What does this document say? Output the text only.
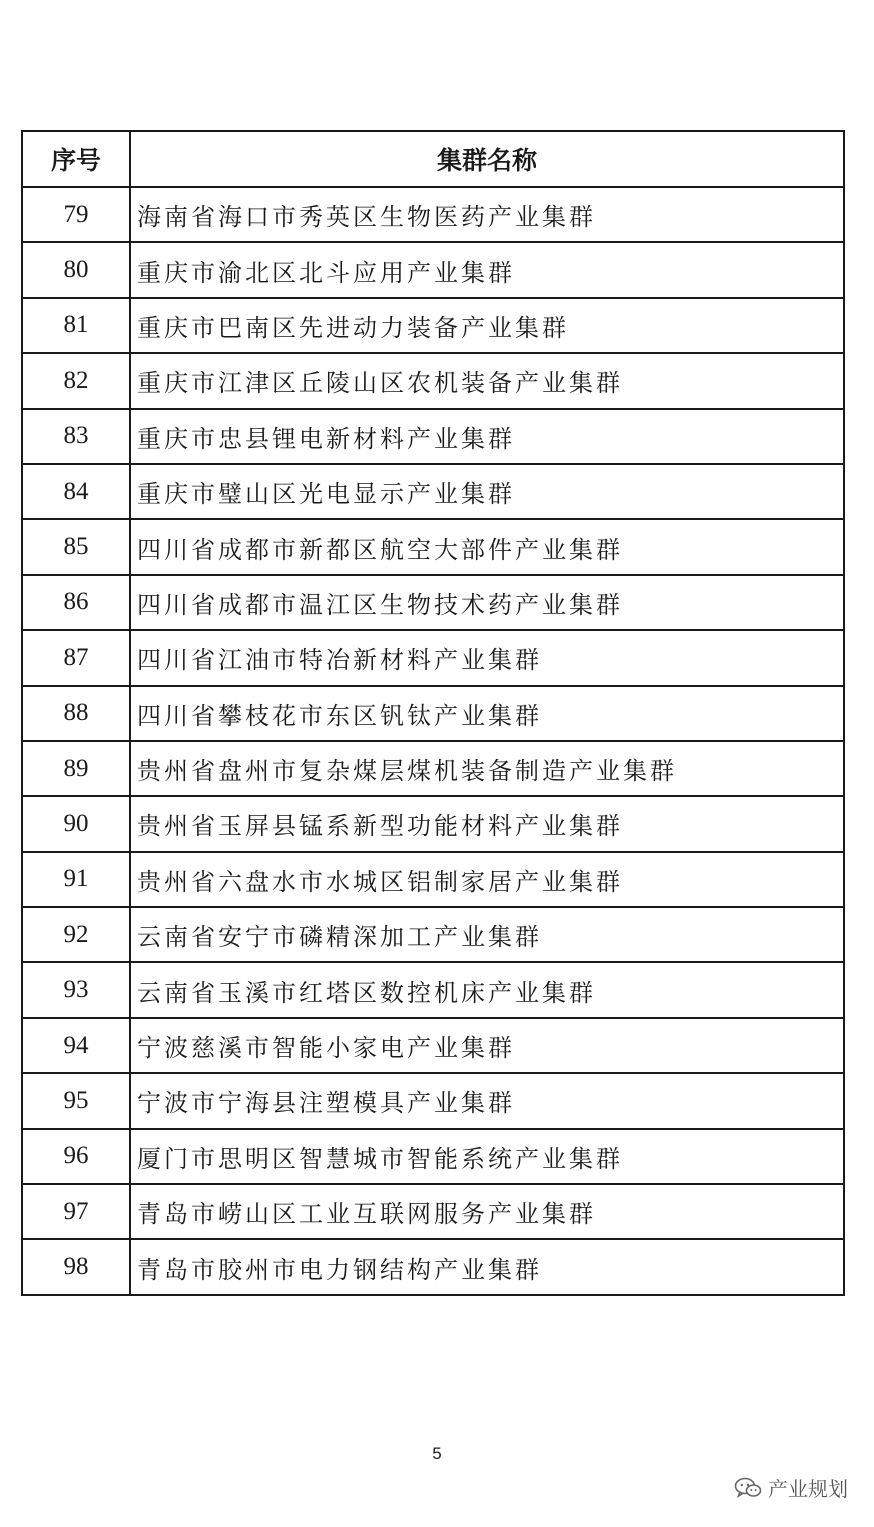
序号	集群名称
79	海南省海口市秀英区生物医药产业集群
80	重庆市渝北区北斗应用产业集群
81	重庆市巴南区先进动力装备产业集群
82	重庆市江津区丘陵山区农机装备产业集群
83	重庆市忠县锂电新材料产业集群
84	重庆市璧山区光电显示产业集群
85	四川省成都市新都区航空大部件产业集群
86	四川省成都市温江区生物技术药产业集群
87	四川省江油市特冶新材料产业集群
88	四川省攀枝花市东区钒钛产业集群
89	贵州省盘州市复杂煤层煤机装备制造产业集群
90	贵州省玉屏县锰系新型功能材料产业集群
91	贵州省六盘水市水城区铝制家居产业集群
92	云南省安宁市磷精深加工产业集群
93	云南省玉溪市红塔区数控机床产业集群
94	宁波慈溪市智能小家电产业集群
95	宁波市宁海县注塑模具产业集群
96	厦门市思明区智慧城市智能系统产业集群
97	青岛市崂山区工业互联网服务产业集群
98	青岛市胶州市电力钢结构产业集群
5
产业规划
